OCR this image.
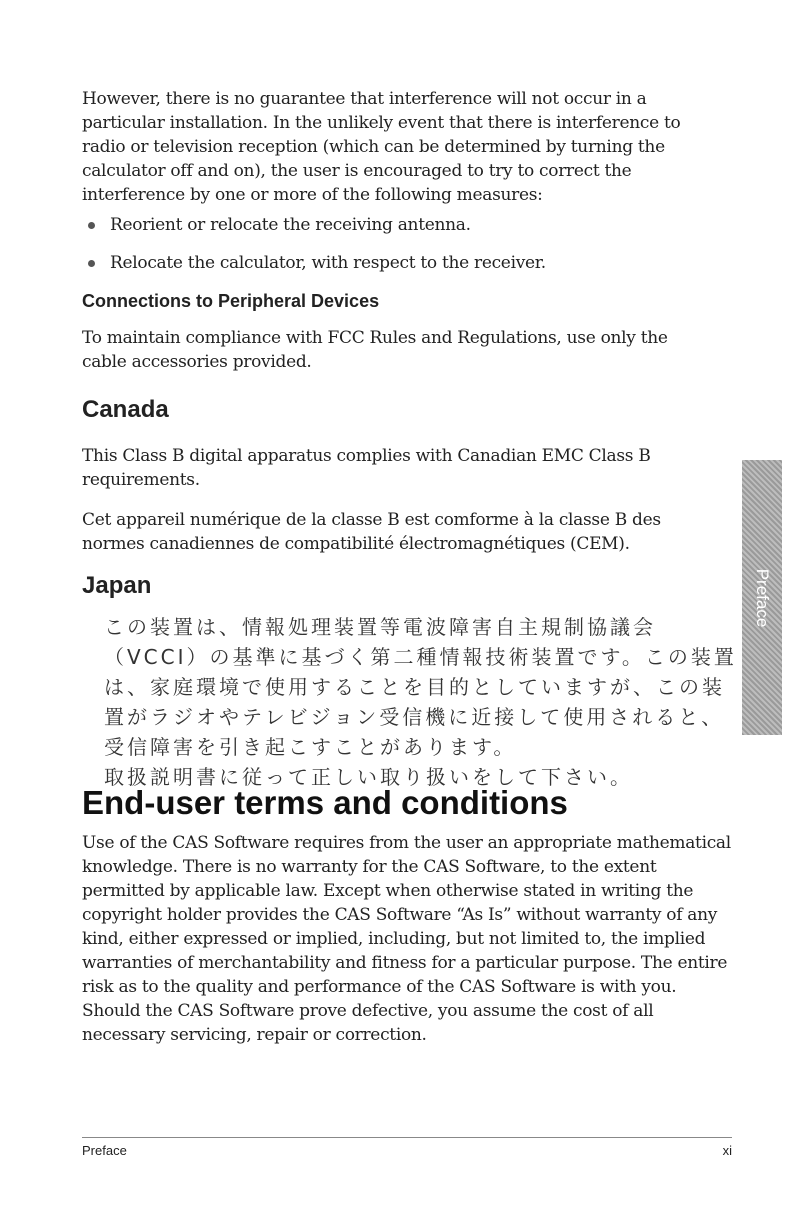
However, there is no guarantee that interference will not occur in a particular installation. In the unlikely event that there is interference to radio or television reception (which can be determined by turning the calculator off and on), the user is encouraged to try to correct the interference by one or more of the following measures:

Reorient or relocate the receiving antenna.
Relocate the calculator, with respect to the receiver.
Connections to Peripheral Devices
To maintain compliance with FCC Rules and Regulations, use only the cable accessories provided.
Canada
This Class B digital apparatus complies with Canadian EMC Class B requirements.
Cet appareil numérique de la classe B est comforme à la classe B des normes canadiennes de compatibilité électromagnétiques (CEM).
Japan

この装置は、情報処理装置等電波障害自主規制協議会（VCCI）の基準に基づく第二種情報技術装置です。この装置は、家庭環境で使用することを目的としていますが、この装置がラジオやテレビジョン受信機に近接して使用されると、受信障害を引き起こすことがあります。

取扱説明書に従って正しい取り扱いをして下さい。

End-user terms and conditions
Use of the CAS Software requires from the user an appropriate mathematical knowledge. There is no warranty for the CAS Software, to the extent permitted by applicable law. Except when otherwise stated in writing the copyright holder provides the CAS Software “As Is” without warranty of any kind, either expressed or implied, including, but not limited to, the implied warranties of merchantability and fitness for a particular purpose. The entire risk as to the quality and performance of the CAS Software is with you. Should the CAS Software prove defective, you assume the cost of all necessary servicing, repair or correction.
Preface
Preface	xi
